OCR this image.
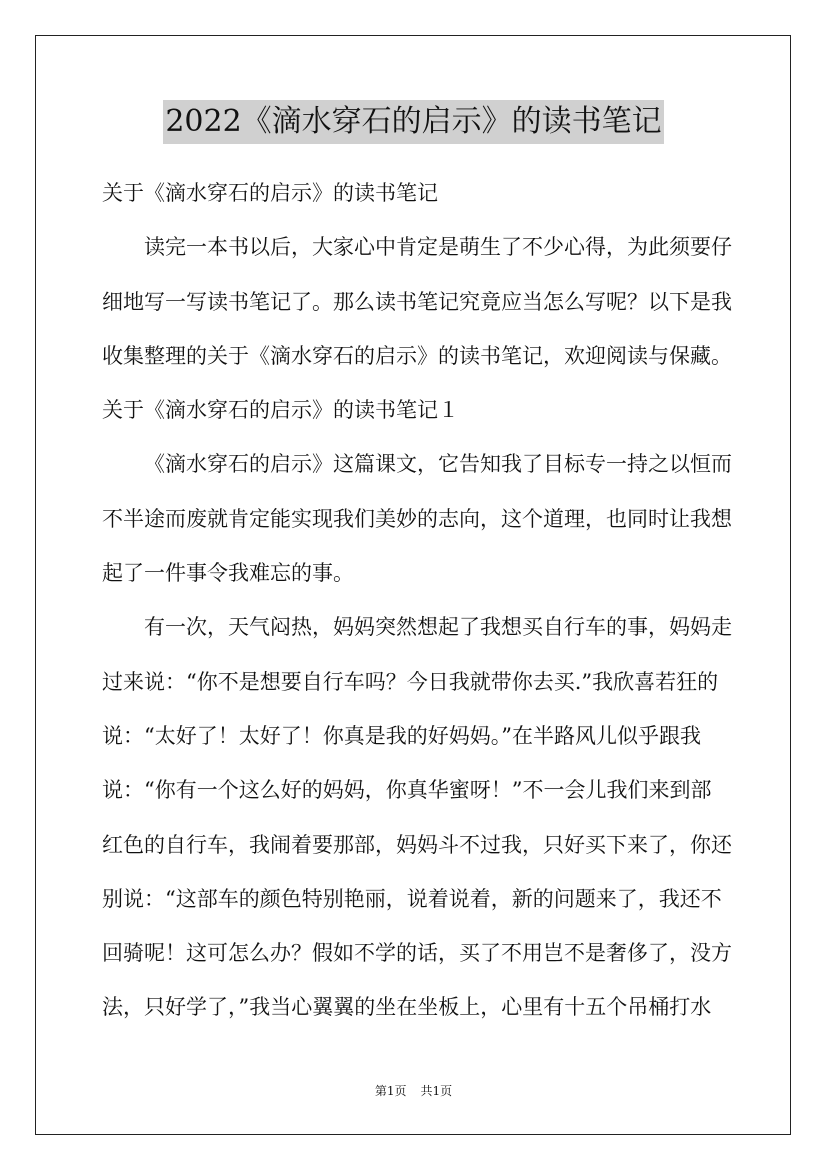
2022《滴水穿石的启示》的读书笔记
关于《滴水穿石的启示》的读书笔记
读完一本书以后，大家心中肯定是萌生了不少心得，为此须要仔
细地写一写读书笔记了。那么读书笔记究竟应当怎么写呢？以下是我
收集整理的关于《滴水穿石的启示》的读书笔记，欢迎阅读与保藏。
关于《滴水穿石的启示》的读书笔记１
《滴水穿石的启示》这篇课文，它告知我了目标专一持之以恒而
不半途而废就肯定能实现我们美妙的志向，这个道理，也同时让我想
起了一件事令我难忘的事。
有一次，天气闷热，妈妈突然想起了我想买自行车的事，妈妈走
过来说：“你不是想要自行车吗？今日我就带你去买.”我欣喜若狂的
说：“太好了！太好了！你真是我的好妈妈。”在半路风儿似乎跟我
说：“你有一个这么好的妈妈，你真华蜜呀！”不一会儿我们来到部
红色的自行车，我闹着要那部，妈妈斗不过我，只好买下来了，你还
别说：“这部车的颜色特别艳丽，说着说着，新的问题来了，我还不
回骑呢！这可怎么办？假如不学的话，买了不用岂不是奢侈了，没方
法，只好学了，”我当心翼翼的坐在坐板上，心里有十五个吊桶打水
第1页 共1页
